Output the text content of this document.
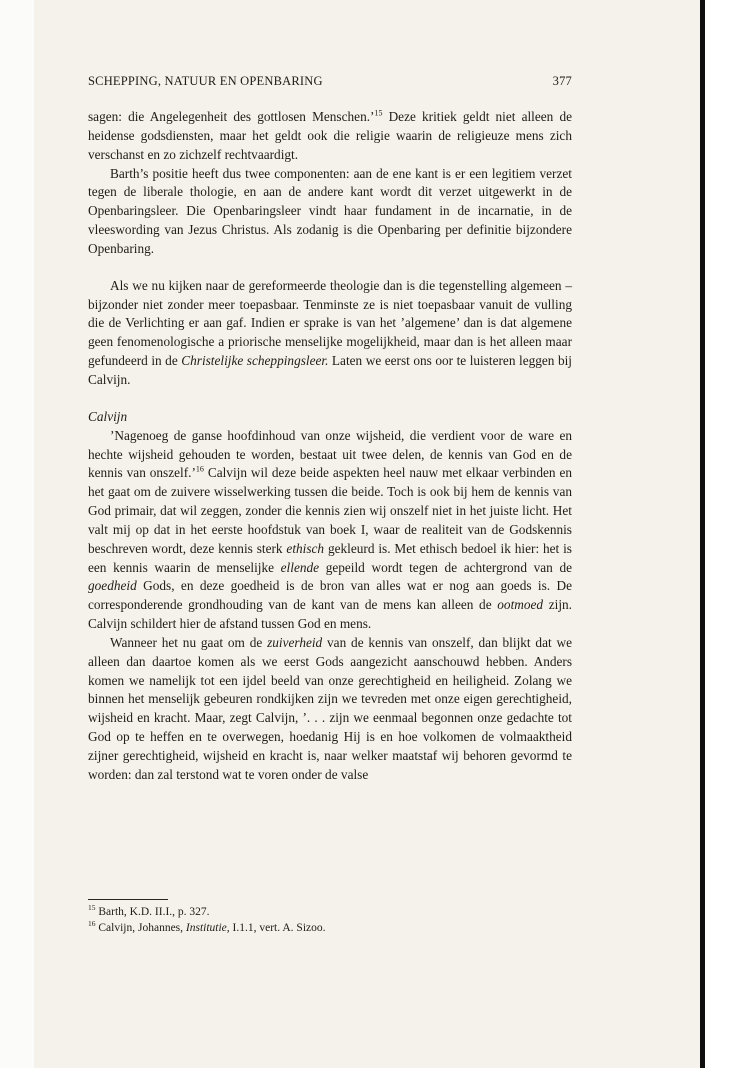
SCHEPPING, NATUUR EN OPENBARING	377

sagen: die Angelegenheit des gottlosen Menschen.’$^{15}$ Deze kritiek geldt niet alleen de heidense godsdiensten, maar het geldt ook die religie waarin de religieuze mens zich verschanst en zo zichzelf rechtvaardigt.

Barth’s positie heeft dus twee componenten: aan de ene kant is er een legitiem verzet tegen de liberale thologie, en aan de andere kant wordt dit verzet uitgewerkt in de Openbaringsleer. Die Openbaringsleer vindt haar fundament in de incarnatie, in de vleeswording van Jezus Christus. Als zodanig is die Openbaring per definitie bijzondere Openbaring.

Als we nu kijken naar de gereformeerde theologie dan is die tegenstelling algemeen – bijzonder niet zonder meer toepasbaar. Tenminste ze is niet toepasbaar vanuit de vulling die de Verlichting er aan gaf. Indien er sprake is van het ’algemene’ dan is dat algemene geen fenomenologische a priorische menselijke mogelijkheid, maar dan is het alleen maar gefundeerd in de Christelijke scheppingsleer. Laten we eerst ons oor te luisteren leggen bij Calvijn.

Calvijn

’Nagenoeg de ganse hoofdinhoud van onze wijsheid, die verdient voor de ware en hechte wijsheid gehouden te worden, bestaat uit twee delen, de kennis van God en de kennis van onszelf.’$^{16}$ Calvijn wil deze beide aspekten heel nauw met elkaar verbinden en het gaat om de zuivere wisselwerking tussen die beide. Toch is ook bij hem de kennis van God primair, dat wil zeggen, zonder die kennis zien wij onszelf niet in het juiste licht. Het valt mij op dat in het eerste hoofdstuk van boek I, waar de realiteit van de Godskennis beschreven wordt, deze kennis sterk ethisch gekleurd is. Met ethisch bedoel ik hier: het is een kennis waarin de menselijke ellende gepeild wordt tegen de achtergrond van de goedheid Gods, en deze goedheid is de bron van alles wat er nog aan goeds is. De corresponderende grondhouding van de kant van de mens kan alleen de ootmoed zijn. Calvijn schildert hier de afstand tussen God en mens.

Wanneer het nu gaat om de zuiverheid van de kennis van onszelf, dan blijkt dat we alleen dan daartoe komen als we eerst Gods aangezicht aanschouwd hebben. Anders komen we namelijk tot een ijdel beeld van onze gerechtigheid en heiligheid. Zolang we binnen het menselijk gebeuren rondkijken zijn we tevreden met onze eigen gerechtigheid, wijsheid en kracht. Maar, zegt Calvijn, ’. . . zijn we eenmaal begonnen onze gedachte tot God op te heffen en te overwegen, hoedanig Hij is en hoe volkomen de volmaaktheid zijner gerechtigheid, wijsheid en kracht is, naar welker maatstaf wij behoren gevormd te worden: dan zal terstond wat te voren onder de valse

$^{15}$ Barth, K.D. II.I., p. 327.

$^{16}$ Calvijn, Johannes, Institutie, I.1.1, vert. A. Sizoo.
